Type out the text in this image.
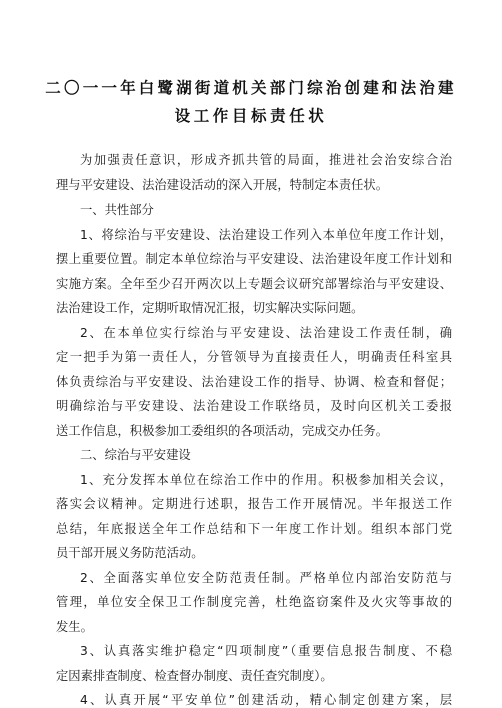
二〇一一年白鹭湖街道机关部门综治创建和法治建
设工作目标责任状
为加强责任意识，形成齐抓共管的局面，推进社会治安综合治
理与平安建设、法治建设活动的深入开展，特制定本责任状。
一、共性部分
1、将综治与平安建设、法治建设工作列入本单位年度工作计划，
摆上重要位置。制定本单位综治与平安建设、法治建设年度工作计划和
实施方案。全年至少召开两次以上专题会议研究部署综治与平安建设、
法治建设工作，定期听取情况汇报，切实解决实际问题。
2、在本单位实行综治与平安建设、法治建设工作责任制，确
定一把手为第一责任人，分管领导为直接责任人，明确责任科室具
体负责综治与平安建设、法治建设工作的指导、协调、检查和督促；
明确综治与平安建设、法治建设工作联络员，及时向区机关工委报
送工作信息，积极参加工委组织的各项活动，完成交办任务。
二、综治与平安建设
1、充分发挥本单位在综治工作中的作用。积极参加相关会议，
落实会议精神。定期进行述职，报告工作开展情况。半年报送工作
总结，年底报送全年工作总结和下一年度工作计划。组织本部门党
员干部开展义务防范活动。
2、全面落实单位安全防范责任制。严格单位内部治安防范与
管理，单位安全保卫工作制度完善，杜绝盗窃案件及火灾等事故的
发生。
3、认真落实维护稳定“四项制度”（重要信息报告制度、不稳
定因素排查制度、检查督办制度、责任查究制度）。
4、认真开展“平安单位”创建活动，精心制定创建方案，层
